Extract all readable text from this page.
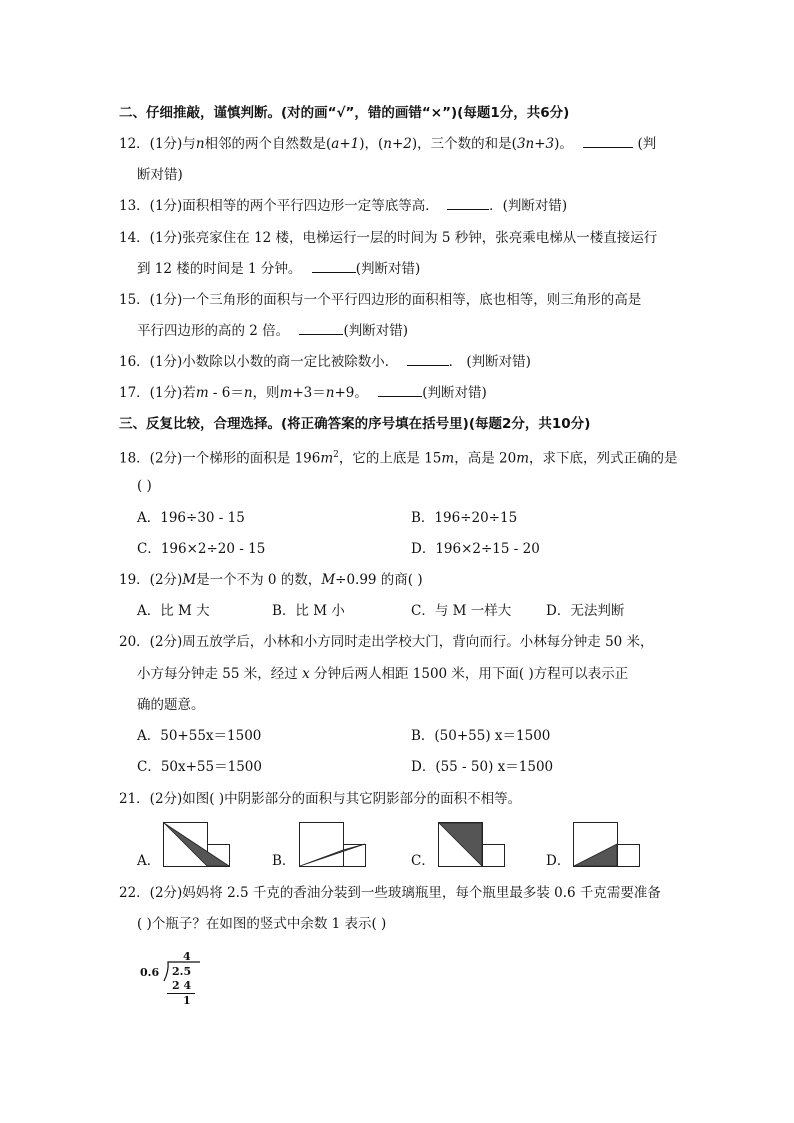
二、仔细推敲，谨慎判断。(对的画“√”，错的画错“×”)(每题1分，共6分)
12．(1分)与n相邻的两个自然数是(a+1)，(n+2)，三个数的和是(3n+3)。	(判
断对错)
13．(1分)面积相等的两个平行四边形一定等底等高．	．(判断对错)
14．(1分)张亮家住在 12 楼，电梯运行一层的时间为 5 秒钟，张亮乘电梯从一楼直接运行
到 12 楼的时间是 1 分钟。	(判断对错)
15．(1分)一个三角形的面积与一个平行四边形的面积相等，底也相等，则三角形的高是
平行四边形的高的 2 倍。	(判断对错)
16．(1分)小数除以小数的商一定比被除数小．	． (判断对错)
17．(1分)若m - 6＝n，则m+3＝n+9。	(判断对错)
三、反复比较，合理选择。(将正确答案的序号填在括号里)(每题2分，共10分)
18．(2分)一个梯形的面积是 $196m^2$，它的上底是 15m，高是 20m，求下底，列式正确的是
( )
A．196÷30 - 15	B．196÷20÷15
C．196×2÷20 - 15	D．196×2÷15 - 20
19．(2分)M是一个不为 0 的数，M÷0.99 的商( )
A．比 M 大	B．比 M 小	C．与 M 一样大	D．无法判断
20．(2分)周五放学后，小林和小方同时走出学校大门，背向而行。小林每分钟走 50 米，
小方每分钟走 55 米，经过 x 分钟后两人相距 1500 米，用下面( )方程可以表示正
确的题意。
A．50+55x＝1500	B．(50+55) x＝1500
C．50x+55＝1500	D．(55 - 50) x＝1500
21．(2分)如图( )中阴影部分的面积与其它阴影部分的面积不相等。
A．	B．	C．	D．
22．(2分)妈妈将 2.5 千克的香油分装到一些玻璃瓶里，每个瓶里最多装 0.6 千克需要准备
( )个瓶子？在如图的竖式中余数 1 表示( )
4
0.6 2.5
2 4
1
